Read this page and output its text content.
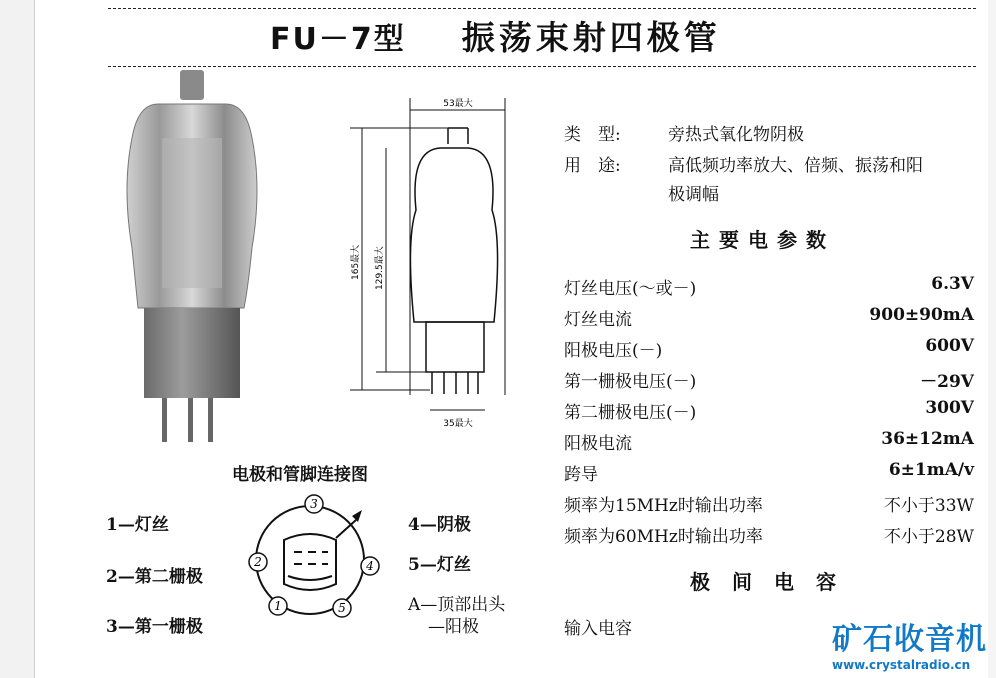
FU－7型 振荡束射四极管
53最大
35最大
165最大 129.5最大
类　型:	旁热式氧化物阴极
用　途:	高低频功率放大、倍频、振荡和阳
极调幅
主要电参数
灯丝电压(～或－)	6.3V
灯丝电流	900±90mA
阳极电压(－)	600V
第一栅极电压(－)	－29V
第二栅极电压(－)	300V
阳极电流	36±12mA
跨导	6±1mA/v
频率为15MHz时输出功率	不小于33W
频率为60MHz时输出功率	不小于28W
极间电容
输入电容
电极和管脚连接图
1—灯丝
2—第二栅极
3—第一栅极
4—阴极
5—灯丝
A—顶部出头
—阳极
1
2
3
4
5
矿石收音机
www.crystalradio.cn
